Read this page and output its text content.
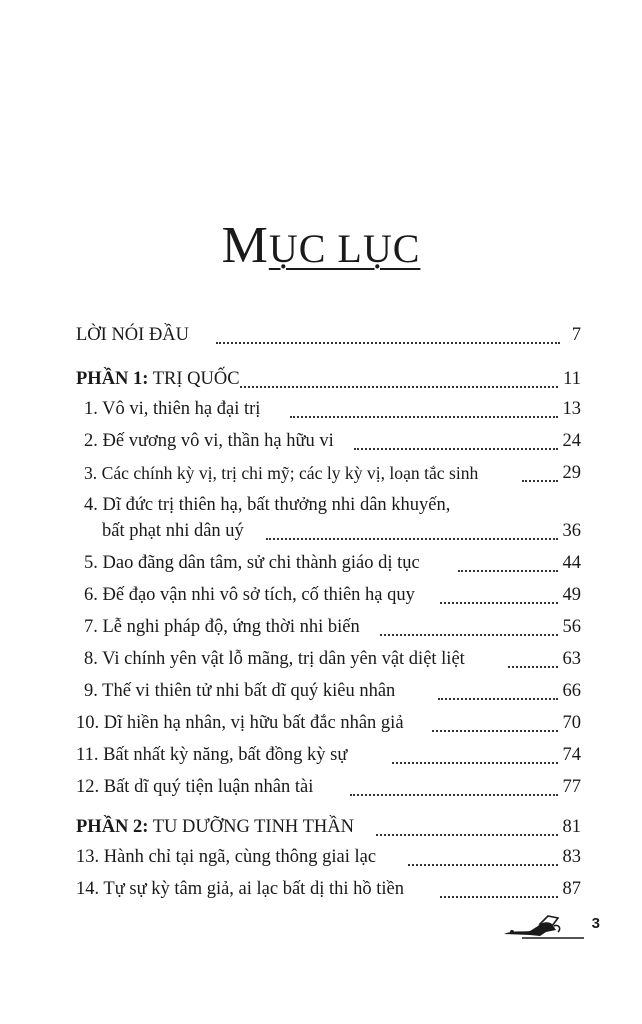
MỤC LỤC
LỜI NÓI ĐẦU	7
PHẦN 1: TRỊ QUỐC	11
1. Vô vi, thiên hạ đại trị	13
2. Đế vương vô vi, thần hạ hữu vi	24
3. Các chính kỳ vị, trị chi mỹ; các ly kỳ vị, loạn tắc sinh	29
4. Dĩ đức trị thiên hạ, bất thưởng nhi dân khuyến,
bất phạt nhi dân uý	36
5. Dao đãng dân tâm, sử chi thành giáo dị tục	44
6. Đế đạo vận nhi vô sở tích, cố thiên hạ quy	49
7. Lễ nghi pháp độ, ứng thời nhi biến	56
8. Vi chính yên vật lỗ mãng, trị dân yên vật diệt liệt	63
9. Thế vi thiên tử nhi bất dĩ quý kiêu nhân	66
10. Dĩ hiền hạ nhân, vị hữu bất đắc nhân giả	70
11. Bất nhất kỳ năng, bất đồng kỳ sự	74
12. Bất dĩ quý tiện luận nhân tài	77
PHẦN 2: TU DƯỠNG TINH THẦN	81
13. Hành chỉ tại ngã, cùng thông giai lạc	83
14. Tự sự kỳ tâm giả, ai lạc bất dị thi hồ tiền	87
3
